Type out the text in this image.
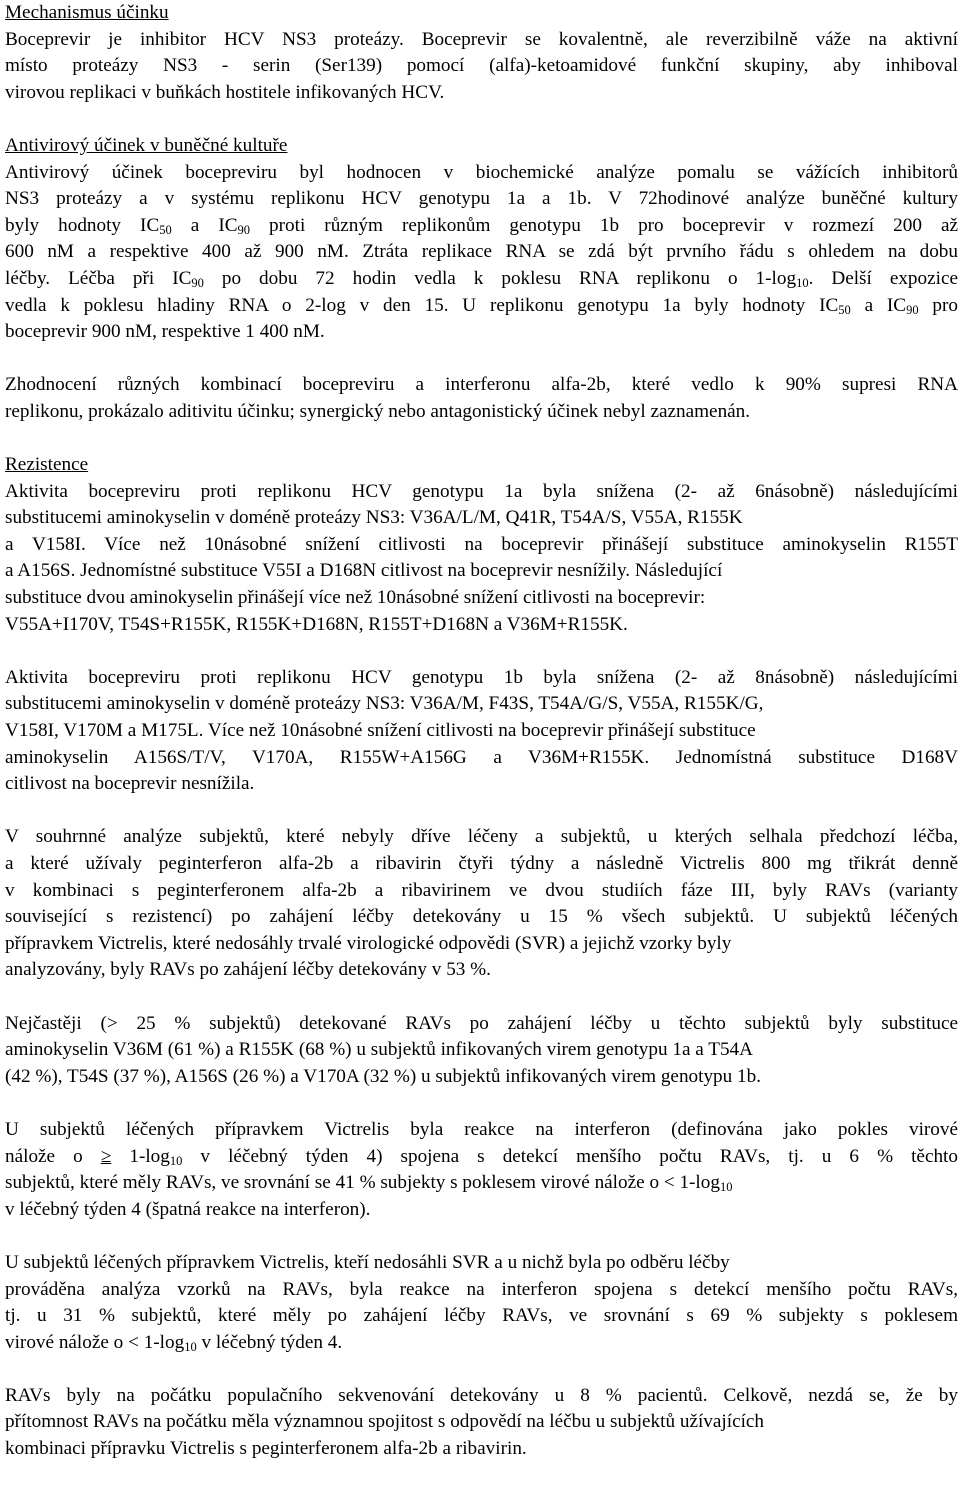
Mechanismus účinku
Boceprevir je inhibitor HCV NS3 proteázy. Boceprevir se kovalentně, ale reverzibilně váže na aktivní
místo proteázy NS3 - serin (Ser139) pomocí (alfa)-ketoamidové funkční skupiny, aby inhiboval
virovou replikaci v buňkách hostitele infikovaných HCV.
Antivirový účinek v buněčné kultuře
Antivirový účinek bocepreviru byl hodnocen v biochemické analýze pomalu se vážících inhibitorů
NS3 proteázy a v systému replikonu HCV genotypu 1a a 1b. V 72hodinové analýze buněčné kultury
byly hodnoty $IC_{50}$ a $IC_{90}$ proti různým replikonům genotypu 1b pro boceprevir v rozmezí 200 až
600 nM a respektive 400 až 900 nM. Ztráta replikace RNA se zdá být prvního řádu s ohledem na dobu
léčby. Léčba při $IC_{90}$ po dobu 72 hodin vedla k poklesu RNA replikonu o $1-\log_{10}$. Delší expozice
vedla k poklesu hladiny RNA o 2-log v den 15. U replikonu genotypu 1a byly hodnoty $IC_{50}$ a $IC_{90}$ pro
boceprevir 900 nM, respektive 1 400 nM.
Zhodnocení různých kombinací bocepreviru a interferonu alfa-2b, které vedlo k 90% supresi RNA
replikonu, prokázalo aditivitu účinku; synergický nebo antagonistický účinek nebyl zaznamenán.
Rezistence
Aktivita bocepreviru proti replikonu HCV genotypu 1a byla snížena (2- až 6násobně) následujícími
substitucemi aminokyselin v doméně proteázy NS3: V36A/L/M, Q41R, T54A/S, V55A, R155K
a V158I. Více než 10násobné snížení citlivosti na boceprevir přinášejí substituce aminokyselin R155T
a A156S. Jednomístné substituce V55I a D168N citlivost na boceprevir nesnížily. Následující
substituce dvou aminokyselin přinášejí více než 10násobné snížení citlivosti na boceprevir:
V55A+I170V, T54S+R155K, R155K+D168N, R155T+D168N a V36M+R155K.
Aktivita bocepreviru proti replikonu HCV genotypu 1b byla snížena (2- až 8násobně) následujícími
substitucemi aminokyselin v doméně proteázy NS3: V36A/M, F43S, T54A/G/S, V55A, R155K/G,
V158I, V170M a M175L. Více než 10násobné snížení citlivosti na boceprevir přinášejí substituce
aminokyselin A156S/T/V, V170A, R155W+A156G a V36M+R155K. Jednomístná substituce D168V
citlivost na boceprevir nesnížila.
V souhrnné analýze subjektů, které nebyly dříve léčeny a subjektů, u kterých selhala předchozí léčba,
a které užívaly peginterferon alfa-2b a ribavirin čtyři týdny a následně Victrelis 800 mg třikrát denně
v kombinaci s peginterferonem alfa-2b a ribavirinem ve dvou studiích fáze III, byly RAVs (varianty
související s rezistencí) po zahájení léčby detekovány u 15 % všech subjektů. U subjektů léčených
přípravkem Victrelis, které nedosáhly trvalé virologické odpovědi (SVR) a jejichž vzorky byly
analyzovány, byly RAVs po zahájení léčby detekovány v 53 %.
Nejčastěji (> 25 % subjektů) detekované RAVs po zahájení léčby u těchto subjektů byly substituce
aminokyselin V36M (61 %) a R155K (68 %) u subjektů infikovaných virem genotypu 1a a T54A
(42 %), T54S (37 %), A156S (26 %) a V170A (32 %) u subjektů infikovaných virem genotypu 1b.
U subjektů léčených přípravkem Victrelis byla reakce na interferon (definována jako pokles virové
nálože $o \ge 1-\log_{10}$ v léčebný týden 4) spojena s detekcí menšího počtu RAVs, tj. u 6 % těchto
subjektů, které měly RAVs, ve srovnání se 41 % subjekty s poklesem virové nálože $o < 1-\log_{10}$
v léčebný týden 4 (špatná reakce na interferon).
U subjektů léčených přípravkem Victrelis, kteří nedosáhli SVR a u nichž byla po odběru léčby
prováděna analýza vzorků na RAVs, byla reakce na interferon spojena s detekcí menšího počtu RAVs,
tj. u 31 % subjektů, které měly po zahájení léčby RAVs, ve srovnání s 69 % subjekty s poklesem
virové nálože $o < 1-\log_{10}$ v léčebný týden 4.
RAVs byly na počátku populačního sekvenování detekovány u 8 % pacientů. Celkově, nezdá se, že by
přítomnost RAVs na počátku měla významnou spojitost s odpovědí na léčbu u subjektů užívajících
kombinaci přípravku Victrelis s peginterferonem alfa-2b a ribavirin.
